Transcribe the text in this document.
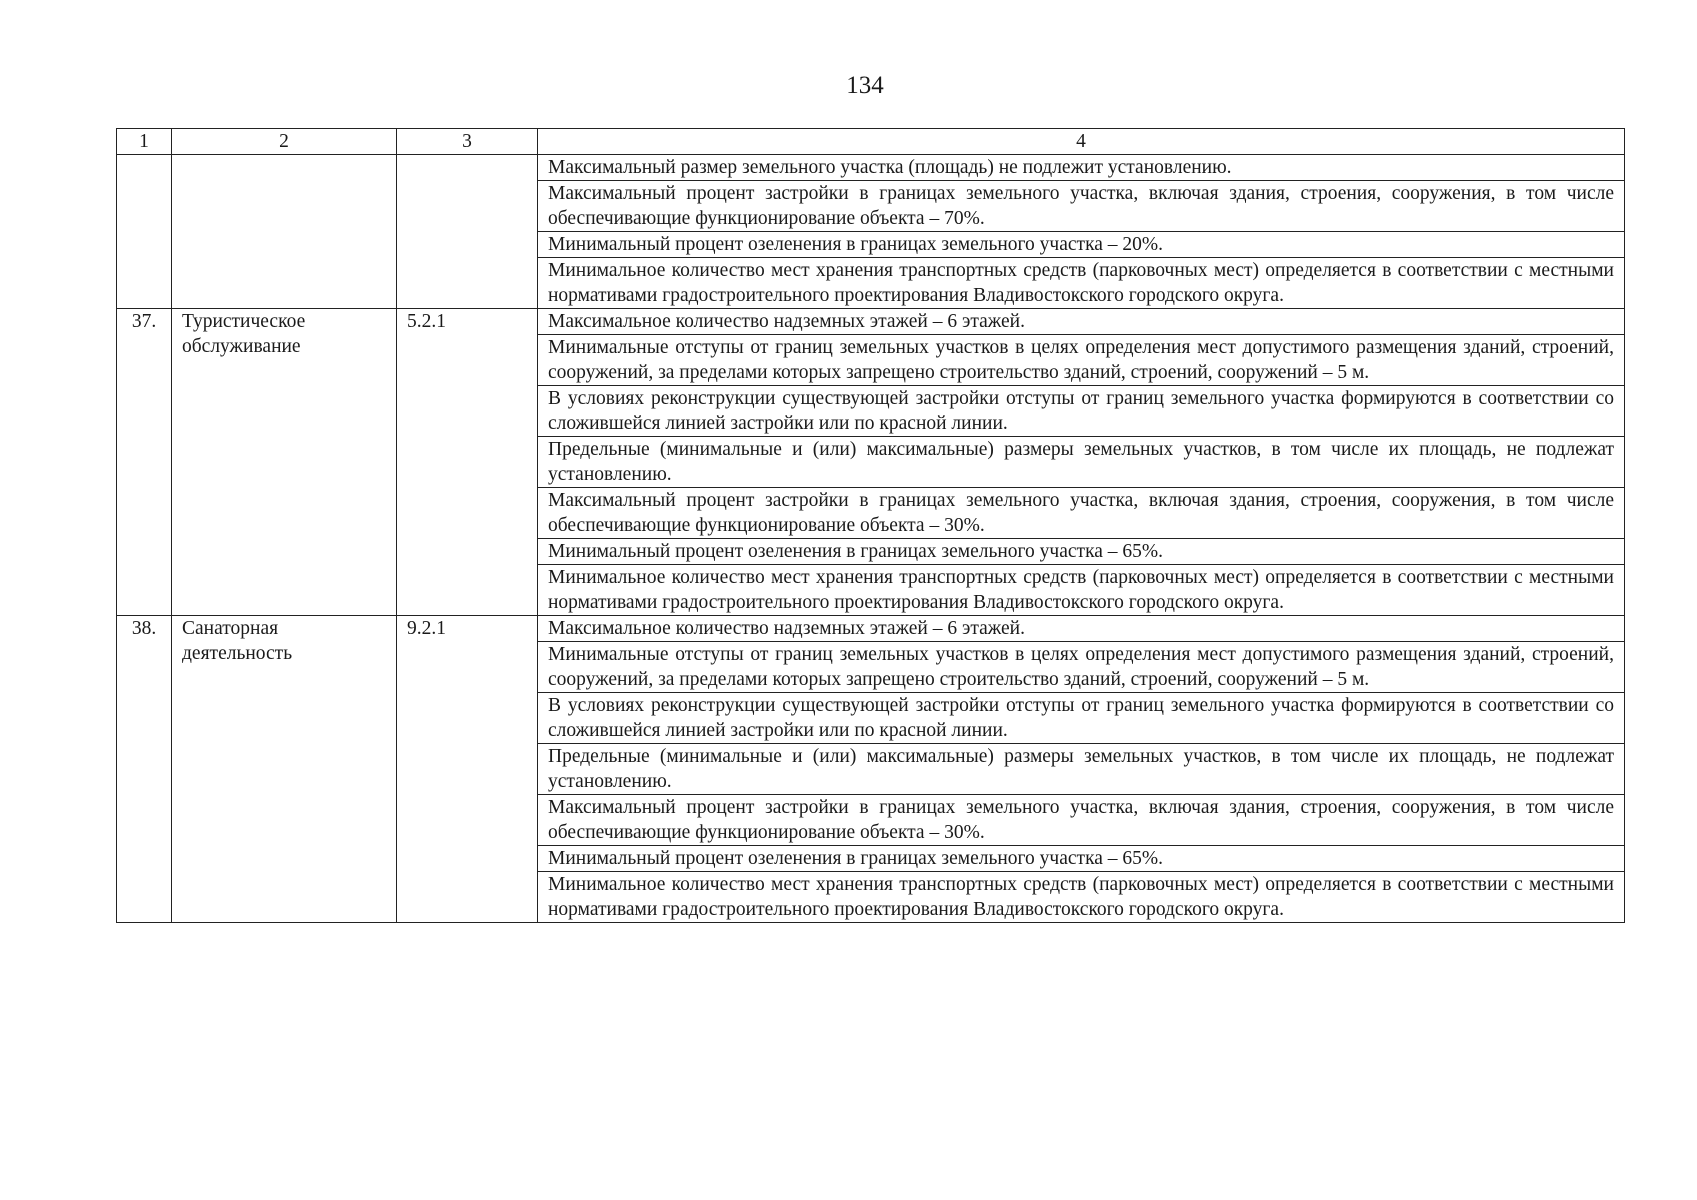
134
1	2	3	4
			Максимальный размер земельного участка (площадь) не подлежит установлению.
			Максимальный процент застройки в границах земельного участка, включая здания, строения, сооружения, в том числе обеспечивающие функционирование объекта – 70%.
			Минимальный процент озеленения в границах земельного участка – 20%.
			Минимальное количество мест хранения транспортных средств (парковочных мест) определяется в соответствии с местными нормативами градостроительного проектирования Владивостокского городского округа.
37.	Туристическое обслуживание	5.2.1	Максимальное количество надземных этажей – 6 этажей.
			Минимальные отступы от границ земельных участков в целях определения мест допустимого размещения зданий, строений, сооружений, за пределами которых запрещено строительство зданий, строений, сооружений – 5 м.
			В условиях реконструкции существующей застройки отступы от границ земельного участка формируются в соответствии со сложившейся линией застройки или по красной линии.
			Предельные (минимальные и (или) максимальные) размеры земельных участков, в том числе их площадь, не подлежат установлению.
			Максимальный процент застройки в границах земельного участка, включая здания, строения, сооружения, в том числе обеспечивающие функционирование объекта – 30%.
			Минимальный процент озеленения в границах земельного участка – 65%.
			Минимальное количество мест хранения транспортных средств (парковочных мест) определяется в соответствии с местными нормативами градостроительного проектирования Владивостокского городского округа.
38.	Санаторная деятельность	9.2.1	Максимальное количество надземных этажей – 6 этажей.
			Минимальные отступы от границ земельных участков в целях определения мест допустимого размещения зданий, строений, сооружений, за пределами которых запрещено строительство зданий, строений, сооружений – 5 м.
			В условиях реконструкции существующей застройки отступы от границ земельного участка формируются в соответствии со сложившейся линией застройки или по красной линии.
			Предельные (минимальные и (или) максимальные) размеры земельных участков, в том числе их площадь, не подлежат установлению.
			Максимальный процент застройки в границах земельного участка, включая здания, строения, сооружения, в том числе обеспечивающие функционирование объекта – 30%.
			Минимальный процент озеленения в границах земельного участка – 65%.
			Минимальное количество мест хранения транспортных средств (парковочных мест) определяется в соответствии с местными нормативами градостроительного проектирования Владивостокского городского округа.
